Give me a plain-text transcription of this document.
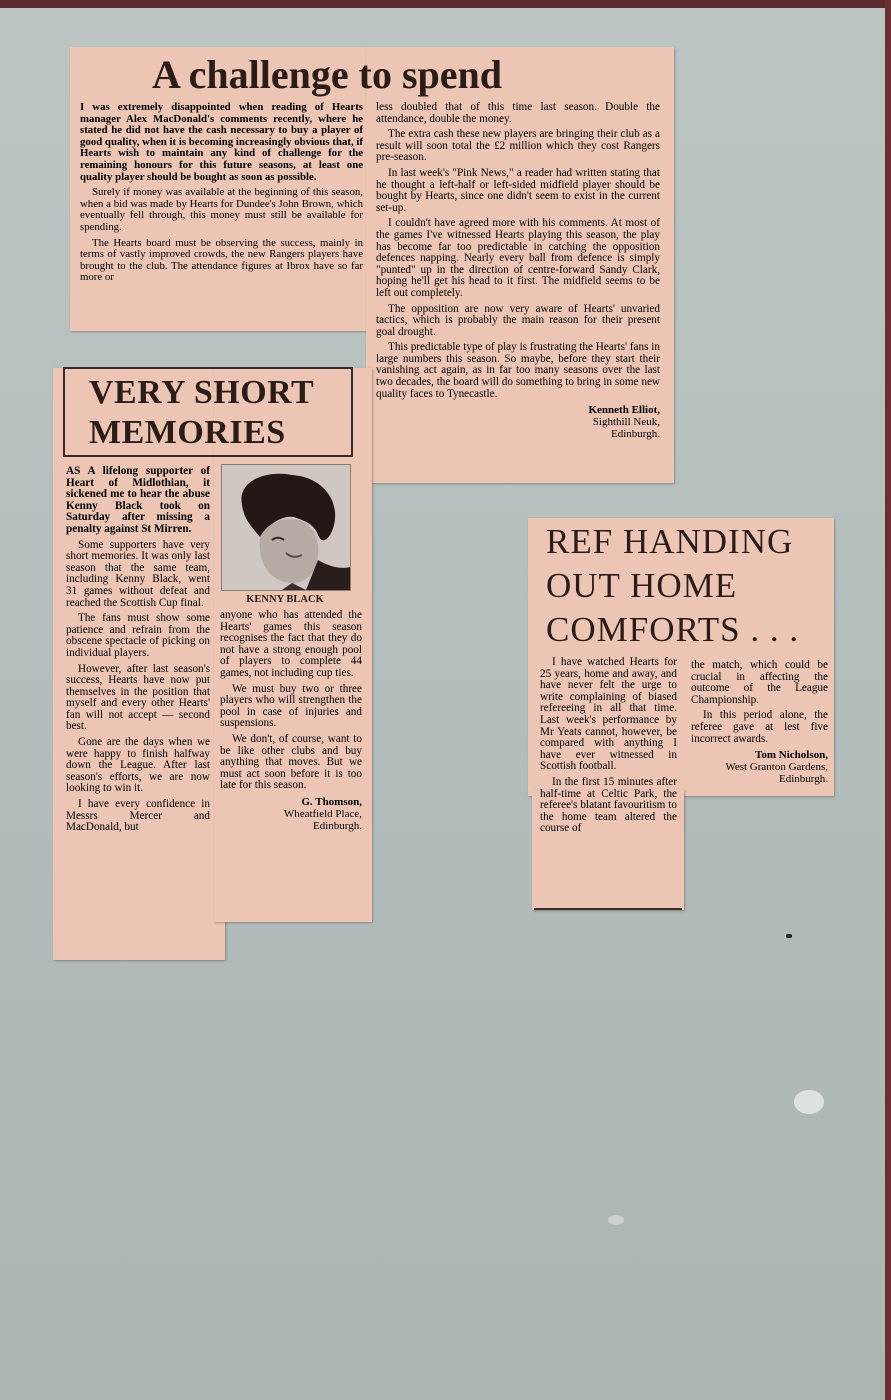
A challenge to spend

I was extremely disappointed when reading of Hearts manager Alex MacDonald's comments recently, where he stated he did not have the cash necessary to buy a player of good quality, when it is becoming increasingly obvious that, if Hearts wish to maintain any kind of challenge for the remaining honours for this future seasons, at least one quality player should be bought as soon as possible.

Surely if money was available at the beginning of this season, when a bid was made by Hearts for Dundee's John Brown, which eventually fell through, this money must still be available for spending.

The Hearts board must be observing the success, mainly in terms of vastly improved crowds, the new Rangers players have brought to the club. The attendance figures at Ibrox have so far more or

less doubled that of this time last season. Double the attendance, double the money.

The extra cash these new players are bringing their club as a result will soon total the £2 million which they cost Rangers pre-season.

In last week's "Pink News," a reader had written stating that he thought a left-half or left-sided midfield player should be bought by Hearts, since one didn't seem to exist in the current set-up.

I couldn't have agreed more with his comments. At most of the games I've witnessed Hearts playing this season, the play has become far too predictable in catching the opposition defences napping. Nearly every ball from defence is simply "punted" up in the direction of centre-forward Sandy Clark, hoping he'll get his head to it first. The midfield seems to be left out completely.

The opposition are now very aware of Hearts' unvaried tactics, which is probably the main reason for their present goal drought.

This predictable type of play is frustrating the Hearts' fans in large numbers this season. So maybe, before they start their vanishing act again, as in far too many seasons over the last two decades, the board will do something to bring in some new quality faces to Tynecastle.

Kenneth Elliot,
Sighthill Neuk,
Edinburgh.
VERY SHORT
MEMORIES
KENNY BLACK

AS A lifelong supporter of Heart of Midlothian, it sickened me to hear the abuse Kenny Black took on Saturday after missing a penalty against St Mirren.

Some supporters have very short memories. It was only last season that the same team, including Kenny Black, went 31 games without defeat and reached the Scottish Cup final.

The fans must show some patience and refrain from the obscene spectacle of picking on individual players.

However, after last season's success, Hearts have now put themselves in the position that myself and every other Hearts' fan will not accept — second best.

Gone are the days when we were happy to finish halfway down the League. After last season's efforts, we are now looking to win it.

I have every confidence in Messrs Mercer and MacDonald, but

anyone who has attended the Hearts' games this season recognises the fact that they do not have a strong enough pool of players to complete 44 games, not including cup ties.

We must buy two or three players who will strengthen the pool in case of injuries and suspensions.

We don't, of course, want to be like other clubs and buy anything that moves. But we must act soon before it is too late for this season.

G. Thomson,
Wheatfield Place,
Edinburgh.
REF HANDING
OUT HOME
COMFORTS . . .

I have watched Hearts for 25 years, home and away, and have never felt the urge to write complaining of biased refereeing in all that time. Last week's performance by Mr Yeats cannot, however, be compared with anything I have ever witnessed in Scottish football.

In the first 15 minutes after half-time at Celtic Park, the referee's blatant favouritism to the home team altered the course of

the match, which could be crucial in affecting the outcome of the League Championship.

In this period alone, the referee gave at lest five incorrect awards.

Tom Nicholson,
West Granton Gardens,
Edinburgh.
